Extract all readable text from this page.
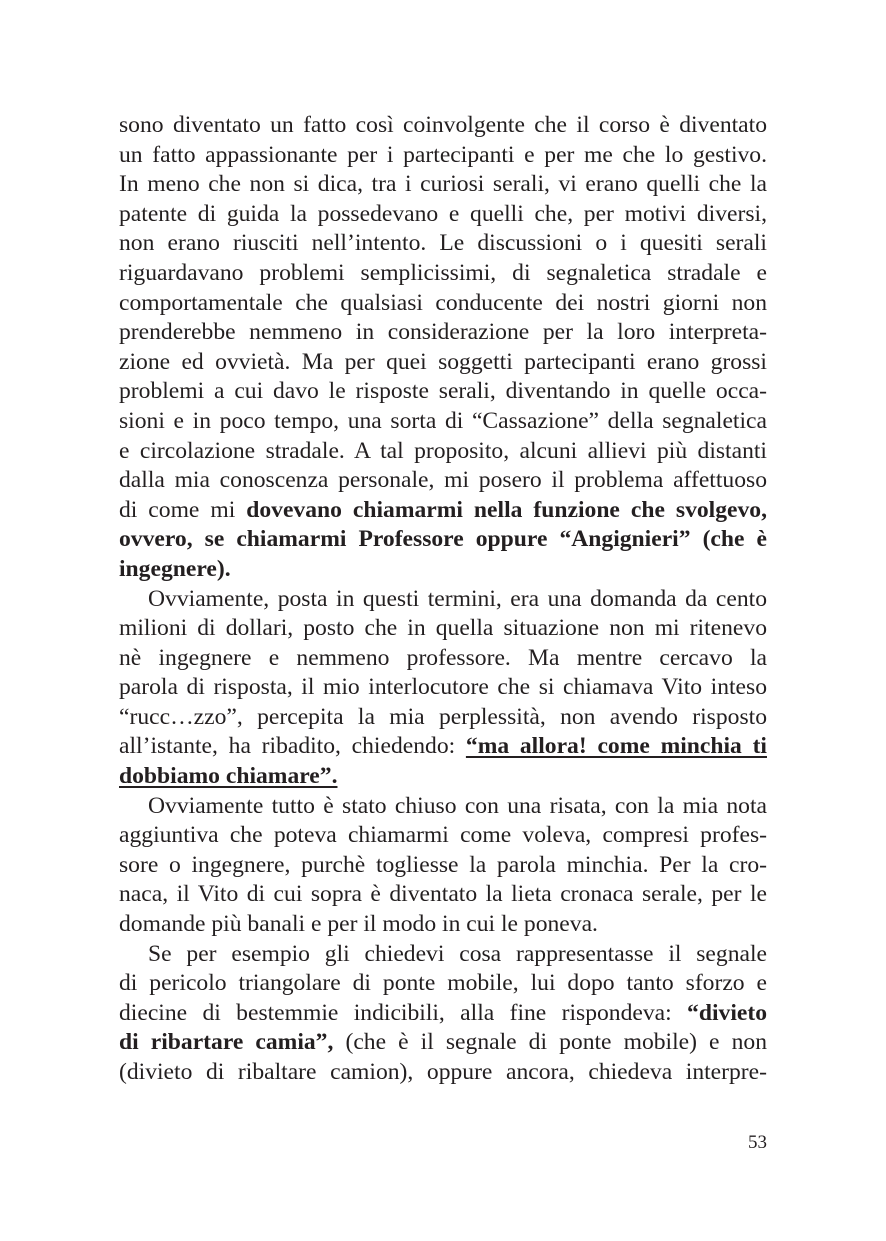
sono diventato un fatto così coinvolgente che il corso è diventato
un fatto appassionante per i partecipanti e per me che lo gestivo.
In meno che non si dica, tra i curiosi serali, vi erano quelli che la
patente di guida la possedevano e quelli che, per motivi diversi,
non erano riusciti nell’intento. Le discussioni o i quesiti serali
riguardavano problemi semplicissimi, di segnaletica stradale e
comportamentale che qualsiasi conducente dei nostri giorni non
prenderebbe nemmeno in considerazione per la loro interpreta-
zione ed ovvietà. Ma per quei soggetti partecipanti erano grossi
problemi a cui davo le risposte serali, diventando in quelle occa-
sioni e in poco tempo, una sorta di “Cassazione” della segnaletica
e circolazione stradale. A tal proposito, alcuni allievi più distanti
dalla mia conoscenza personale, mi posero il problema affettuoso
di come mi dovevano chiamarmi nella funzione che svolgevo,
ovvero, se chiamarmi Professore oppure “Angignieri” (che è
ingegnere).
Ovviamente, posta in questi termini, era una domanda da cento
milioni di dollari, posto che in quella situazione non mi ritenevo
nè ingegnere e nemmeno professore. Ma mentre cercavo la
parola di risposta, il mio interlocutore che si chiamava Vito inteso
“rucc…zzo”, percepita la mia perplessità, non avendo risposto
all’istante, ha ribadito, chiedendo: “ma allora! come minchia ti
dobbiamo chiamare”.
Ovviamente tutto è stato chiuso con una risata, con la mia nota
aggiuntiva che poteva chiamarmi come voleva, compresi profes-
sore o ingegnere, purchè togliesse la parola minchia. Per la cro-
naca, il Vito di cui sopra è diventato la lieta cronaca serale, per le
domande più banali e per il modo in cui le poneva.
Se per esempio gli chiedevi cosa rappresentasse il segnale
di pericolo triangolare di ponte mobile, lui dopo tanto sforzo e
diecine di bestemmie indicibili, alla fine rispondeva: “divieto
di ribartare camia”, (che è il segnale di ponte mobile) e non
(divieto di ribaltare camion), oppure ancora, chiedeva interpre-
53
